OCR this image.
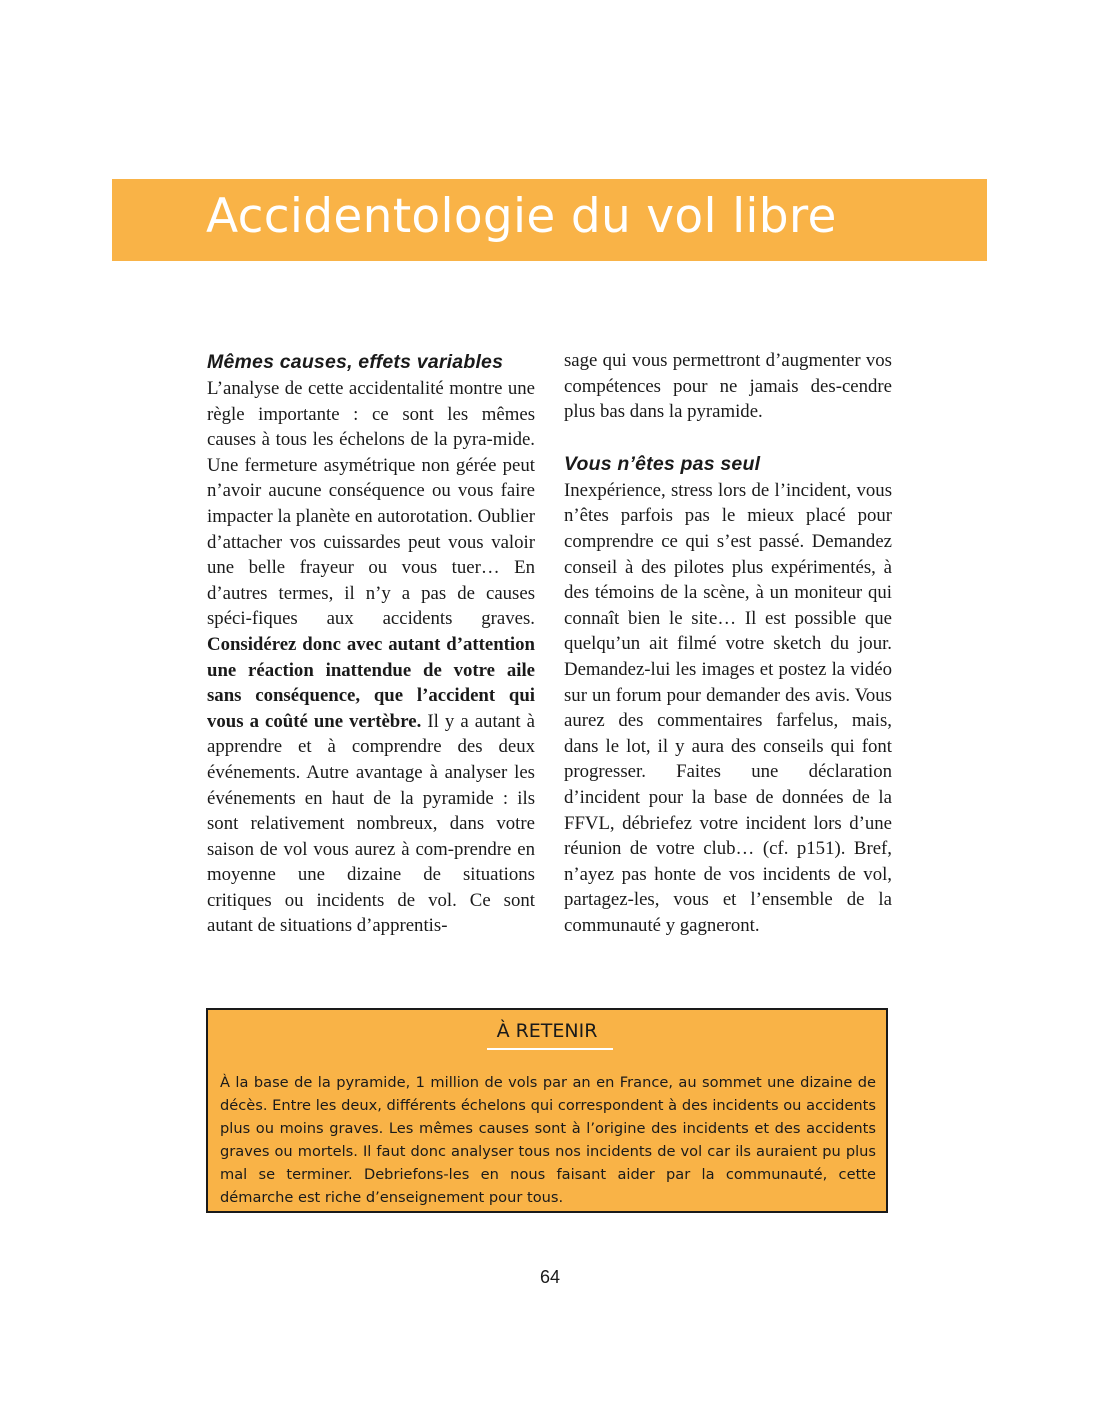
Accidentologie du vol libre
Mêmes causes, effets variables

L’analyse de cette accidentalité montre une règle importante : ce sont les mêmes causes à tous les échelons de la pyra-mide. Une fermeture asymétrique non gérée peut n’avoir aucune conséquence ou vous faire impacter la planète en autorotation. Oublier d’attacher vos cuissardes peut vous valoir une belle frayeur ou vous tuer… En d’autres termes, il n’y a pas de causes spéci-fiques aux accidents graves. Considérez donc avec autant d’attention une réaction inattendue de votre aile sans conséquence, que l’accident qui vous a coûté une vertèbre. Il y a autant à apprendre et à comprendre des deux événements. Autre avantage à analyser les événements en haut de la pyramide : ils sont relativement nombreux, dans votre saison de vol vous aurez à com-prendre en moyenne une dizaine de situations critiques ou incidents de vol. Ce sont autant de situations d’apprentis-

sage qui vous permettront d’augmenter vos compétences pour ne jamais des-cendre plus bas dans la pyramide.

Vous n’êtes pas seul

Inexpérience, stress lors de l’incident, vous n’êtes parfois pas le mieux placé pour comprendre ce qui s’est passé. Demandez conseil à des pilotes plus expérimentés, à des témoins de la scène, à un moniteur qui connaît bien le site… Il est possible que quelqu’un ait filmé votre sketch du jour. Demandez-lui les images et postez la vidéo sur un forum pour demander des avis. Vous aurez des commentaires farfelus, mais, dans le lot, il y aura des conseils qui font progresser. Faites une déclaration d’incident pour la base de données de la FFVL, débriefez votre incident lors d’une réunion de votre club… (cf. p151). Bref, n’ayez pas honte de vos incidents de vol, partagez-les, vous et l’ensemble de la communauté y gagneront.

À RETENIR

À la base de la pyramide, 1 million de vols par an en France, au sommet une dizaine de décès. Entre les deux, différents échelons qui correspondent à des incidents ou accidents plus ou moins graves. Les mêmes causes sont à l’origine des incidents et des accidents graves ou mortels. Il faut donc analyser tous nos incidents de vol car ils auraient pu plus mal se terminer. Debriefons-les en nous faisant aider par la communauté, cette démarche est riche d’enseignement pour tous.

64
